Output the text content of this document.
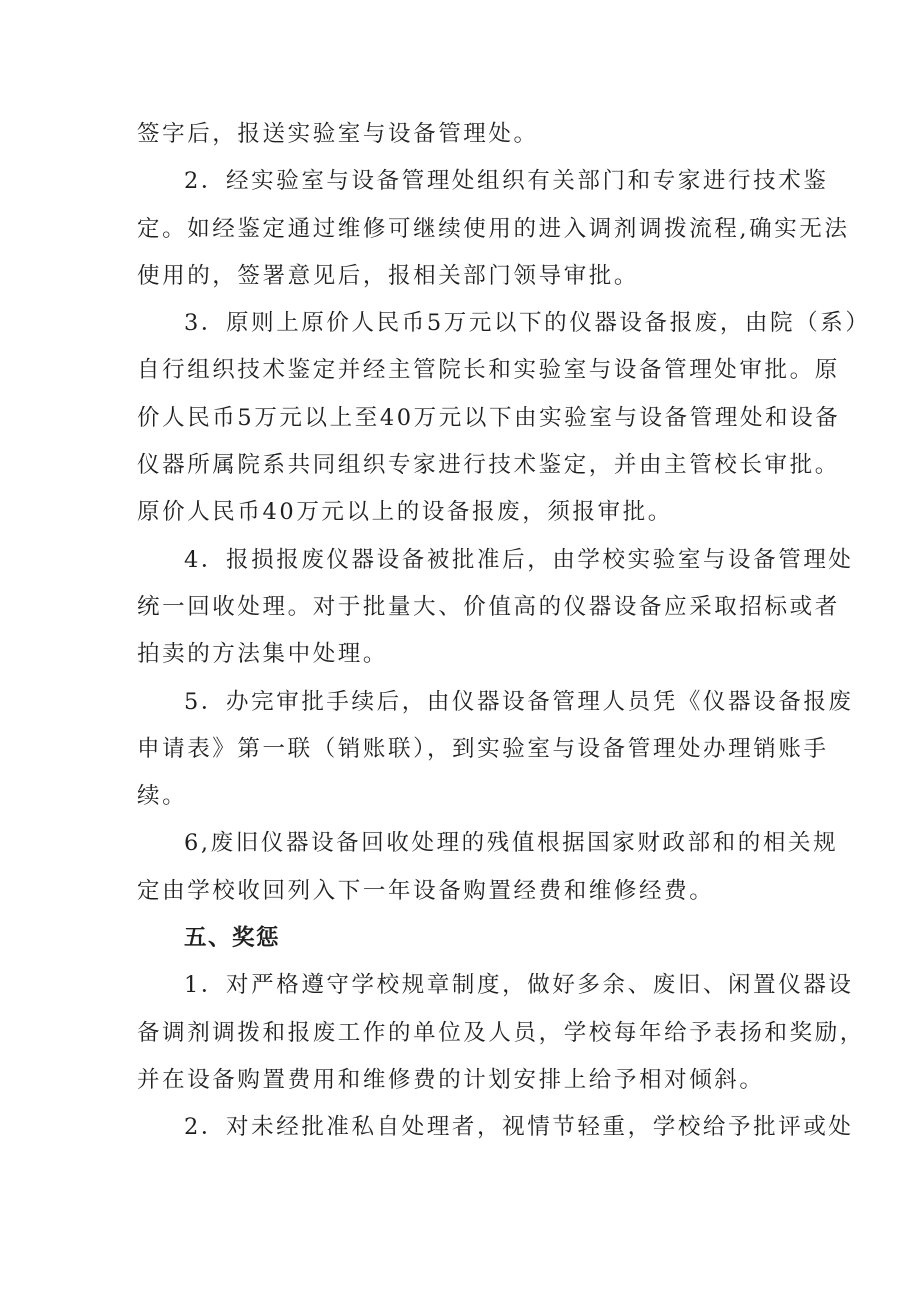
签字后，报送实验室与设备管理处。

2．经实验室与设备管理处组织有关部门和专家进行技术鉴

定。如经鉴定通过维修可继续使用的进入调剂调拨流程,确实无法

使用的，签署意见后，报相关部门领导审批。

3．原则上原价人民币5万元以下的仪器设备报废，由院（系）

自行组织技术鉴定并经主管院长和实验室与设备管理处审批。原

价人民币5万元以上至40万元以下由实验室与设备管理处和设备

仪器所属院系共同组织专家进行技术鉴定，并由主管校长审批。

原价人民币40万元以上的设备报废，须报审批。

4．报损报废仪器设备被批准后，由学校实验室与设备管理处

统一回收处理。对于批量大、价值高的仪器设备应采取招标或者

拍卖的方法集中处理。

5．办完审批手续后，由仪器设备管理人员凭《仪器设备报废

申请表》第一联（销账联），到实验室与设备管理处办理销账手

续。

6,废旧仪器设备回收处理的残值根据国家财政部和的相关规

定由学校收回列入下一年设备购置经费和维修经费。

五、奖惩

1．对严格遵守学校规章制度，做好多余、废旧、闲置仪器设

备调剂调拨和报废工作的单位及人员，学校每年给予表扬和奖励，

并在设备购置费用和维修费的计划安排上给予相对倾斜。

2．对未经批准私自处理者，视情节轻重，学校给予批评或处
